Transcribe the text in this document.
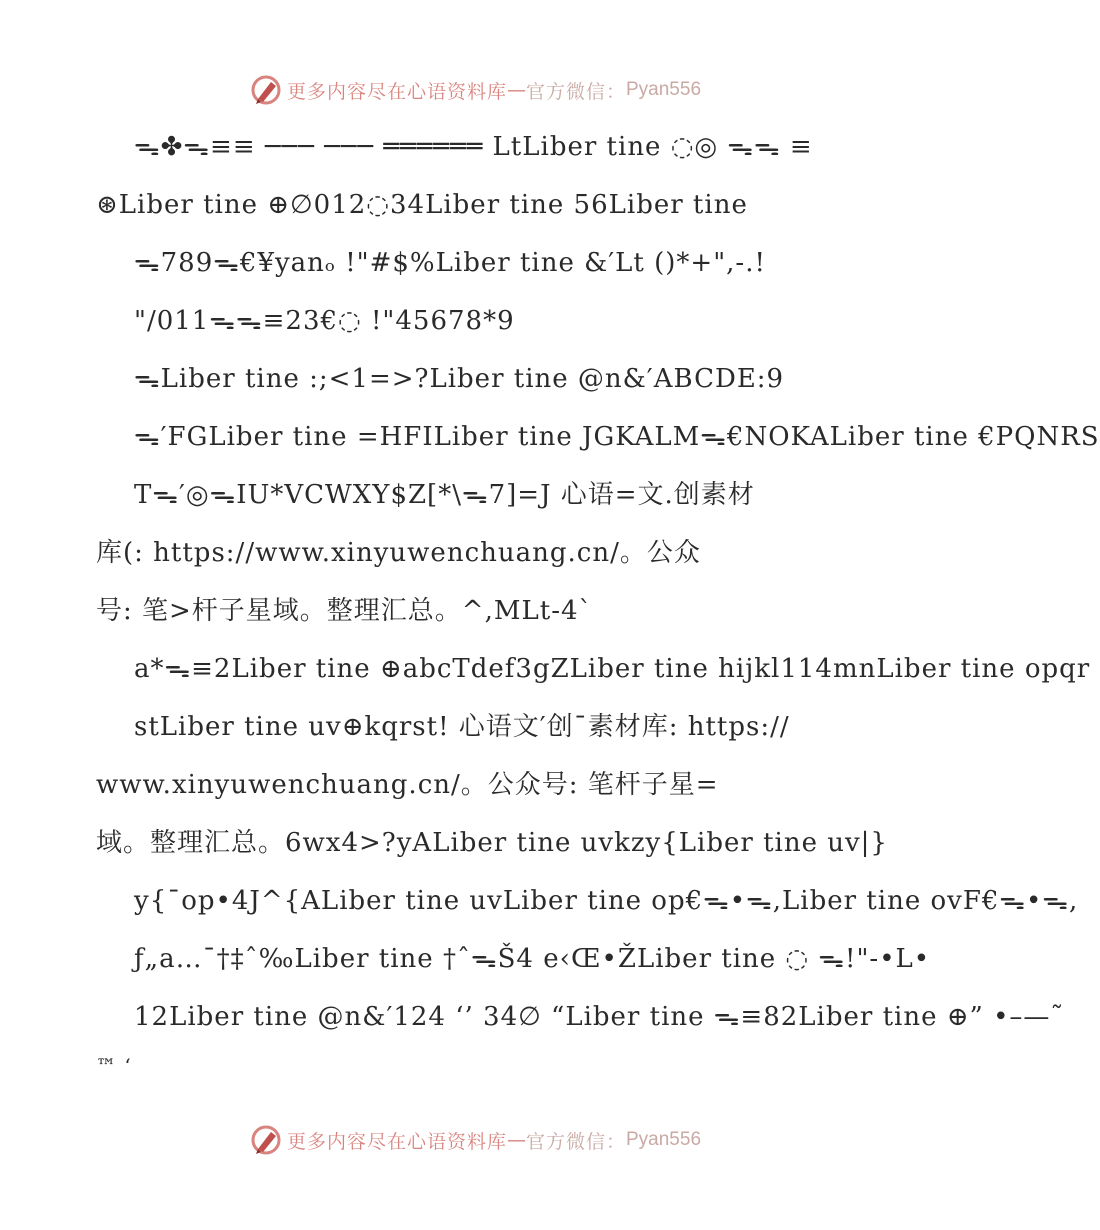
更多内容尽在心语资料库 — 官方微信： Pyan556
ᯓ✤ᯓ≡≡ ─── ─── ══════ LtLiber tine ◌◎ ᯓᯓ ≡
⊛Liber tine ⊕∅012◌34Liber tine 56Liber tine
ᯓ789ᯓ€¥yanₒ !"#$%Liber tine &′Lt ()*+",-.!
"/011ᯓᯓ≡23€◌ !"45678*9
ᯓLiber tine :;<1=>?Liber tine @n&′ABCDE:9
ᯓ′FGLiber tine =HFILiber tine JGKALMᯓ€NOKALiber tine €PQNRS
Tᯓ′◎ᯓIU*VCWXY$Z[*\ᯓ7]=J 心语=文.创素材
库(: https://www.xinyuwenchuang.cn/。公众
号: 笔>杆子星域。整理汇总。^,MLt-4`
a*ᯓ≡2Liber tine ⊕abcTdef3gZLiber tine hijkl114mnLiber tine opqr
stLiber tine uv⊕kqrst! 心语文′创¯素材库: https://
www.xinyuwenchuang.cn/。公众号: 笔杆子星=
域。整理汇总。6wx4>?yALiber tine uvkzy{Liber tine uv|}
y{¯op•4J^{ALiber tine uvLiber tine op€ᯓ•ᯓ,Liber tine ovF€ᯓ•ᯓ,
ƒ„a…¯†‡ˆ‰Liber tine †ˆᯓŠ4 e‹Œ•ŽLiber tine ◌ ᯓ!"-•L•
12Liber tine @n&′124 ‘’ 34∅ “Liber tine ᯓ≡82Liber tine ⊕” •–—˜
™ ‘
更多内容尽在心语资料库 — 官方微信： Pyan556
